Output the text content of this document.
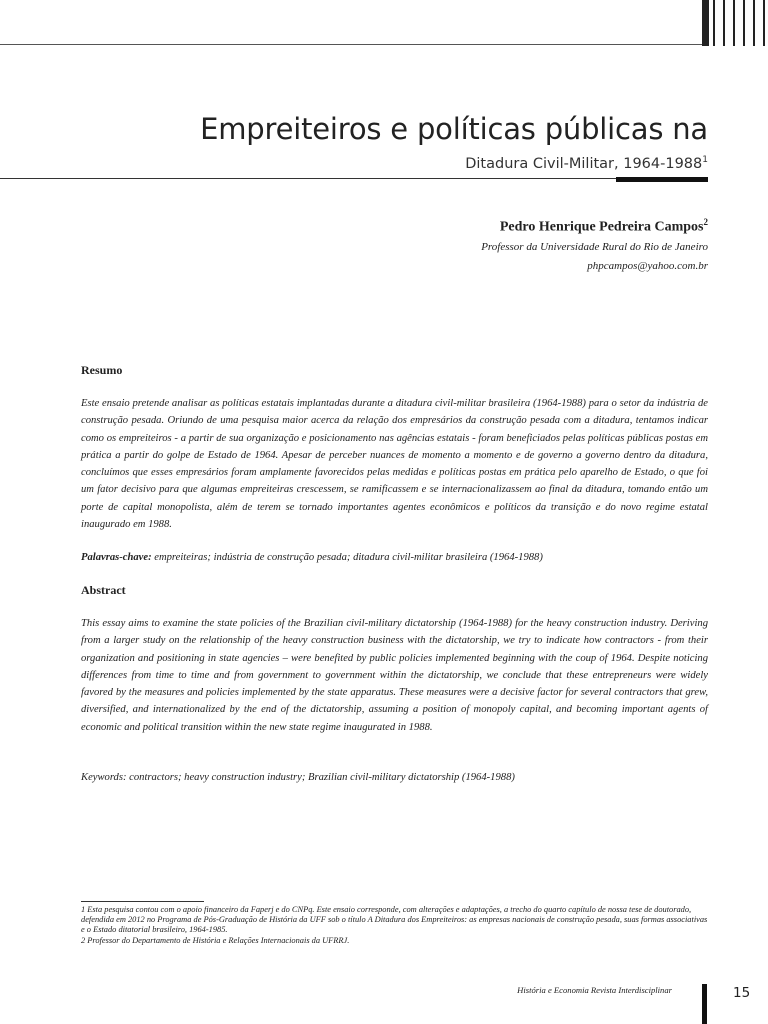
Empreiteiros e políticas públicas na
Ditadura Civil-Militar, 1964-1988$^1$
Pedro Henrique Pedreira Campos$^2$
Professor da Universidade Rural do Rio de Janeiro
phpcampos@yahoo.com.br
Resumo

Este ensaio pretende analisar as políticas estatais implantadas durante a ditadura civil-militar brasileira (1964-1988) para o setor da indústria de construção pesada. Oriundo de uma pesquisa maior acerca da relação dos empresários da construção pesada com a ditadura, tentamos indicar como os empreiteiros - a partir de sua organização e posicionamento nas agências estatais - foram beneficiados pelas políticas públicas postas em prática a partir do golpe de Estado de 1964. Apesar de perceber nuances de momento a momento e de governo a governo dentro da ditadura, concluímos que esses empresários foram amplamente favorecidos pelas medidas e políticas postas em prática pelo aparelho de Estado, o que foi um fator decisivo para que algumas empreiteiras crescessem, se ramificassem e se internacionalizassem ao final da ditadura, tomando então um porte de capital monopolista, além de terem se tornado importantes agentes econômicos e políticos da transição e do novo regime estatal inaugurado em 1988.

Palavras-chave: empreiteiras; indústria de construção pesada; ditadura civil-militar brasileira (1964-1988)

Abstract

This essay aims to examine the state policies of the Brazilian civil-military dictatorship (1964-1988) for the heavy construction industry. Deriving from a larger study on the relationship of the heavy construction business with the dictatorship, we try to indicate how contractors - from their organization and positioning in state agencies – were benefited by public policies implemented beginning with the coup of 1964. Despite noticing differences from time to time and from government to government within the dictatorship, we conclude that these entrepreneurs were widely favored by the measures and policies implemented by the state apparatus. These measures were a decisive factor for several contractors that grew, diversified, and internationalized by the end of the dictatorship, assuming a position of monopoly capital, and becoming important agents of economic and political transition within the new state regime inaugurated in 1988.

Keywords: contractors; heavy construction industry; Brazilian civil-military dictatorship (1964-1988)

1 Esta pesquisa contou com o apoio financeiro da Faperj e do CNPq. Este ensaio corresponde, com alterações e adaptações, a trecho do quarto capítulo de nossa tese de doutorado, defendida em 2012 no Programa de Pós-Graduação de História da UFF sob o título A Ditadura dos Empreiteiros: as empresas nacionais de construção pesada, suas formas associativas e o Estado ditatorial brasileiro, 1964-1985.
2 Professor do Departamento de História e Relações Internacionais da UFRRJ.
História e Economia Revista Interdisciplinar	15
